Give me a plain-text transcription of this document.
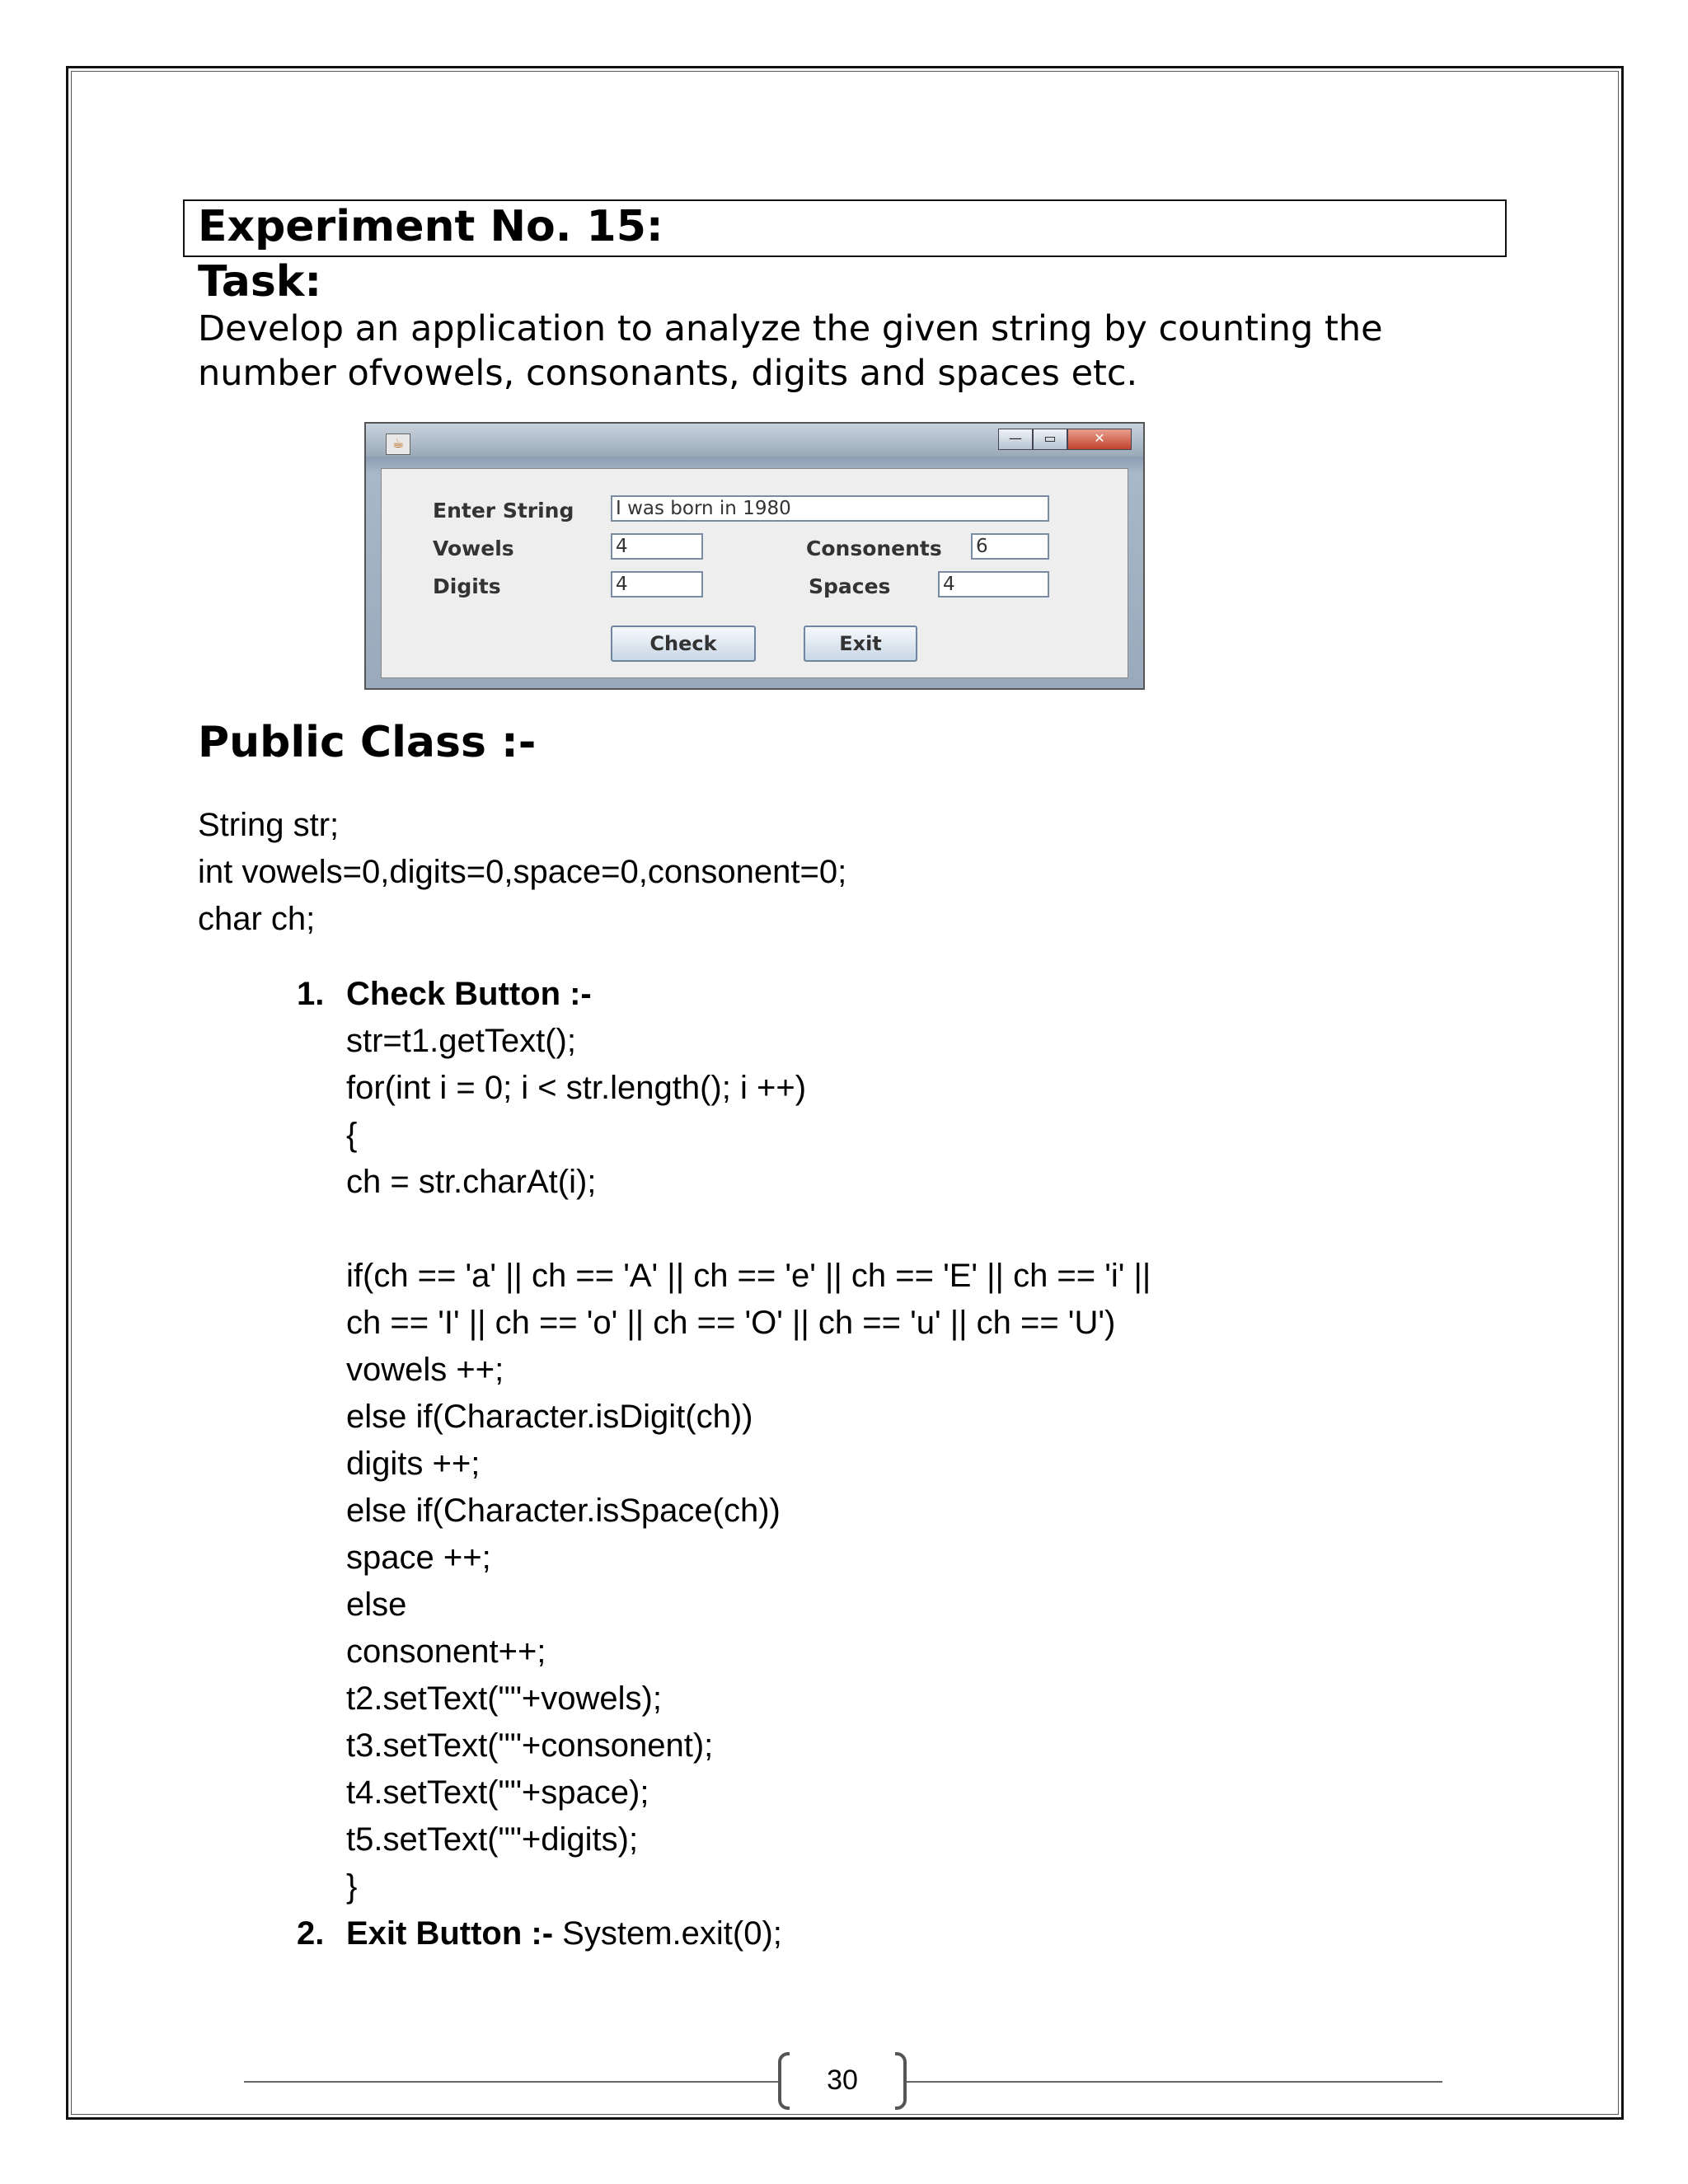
Experiment No. 15:
Task:
Develop an application to analyze the given string by counting the
number ofvowels, consonants, digits and spaces etc.
☕	—	▭	✕
Enter String I was born in 1980
Vowels	4	Consonents 6
Digits	4	Spaces	4
Check	Exit
Public Class :-
String str;
int vowels=0,digits=0,space=0,consonent=0;
char ch;
1. Check Button :-
str=t1.getText();
for(int i = 0; i < str.length(); i ++)
{
ch = str.charAt(i);
if(ch == 'a' || ch == 'A' || ch == 'e' || ch == 'E' || ch == 'i' ||
ch == 'I' || ch == 'o' || ch == 'O' || ch == 'u' || ch == 'U')
vowels ++;
else if(Character.isDigit(ch))
digits ++;
else if(Character.isSpace(ch))
space ++;
else
consonent++;
t2.setText(""+vowels);
t3.setText(""+consonent);
t4.setText(""+space);
t5.setText(""+digits);
}
2. Exit Button :- System.exit(0);
30
